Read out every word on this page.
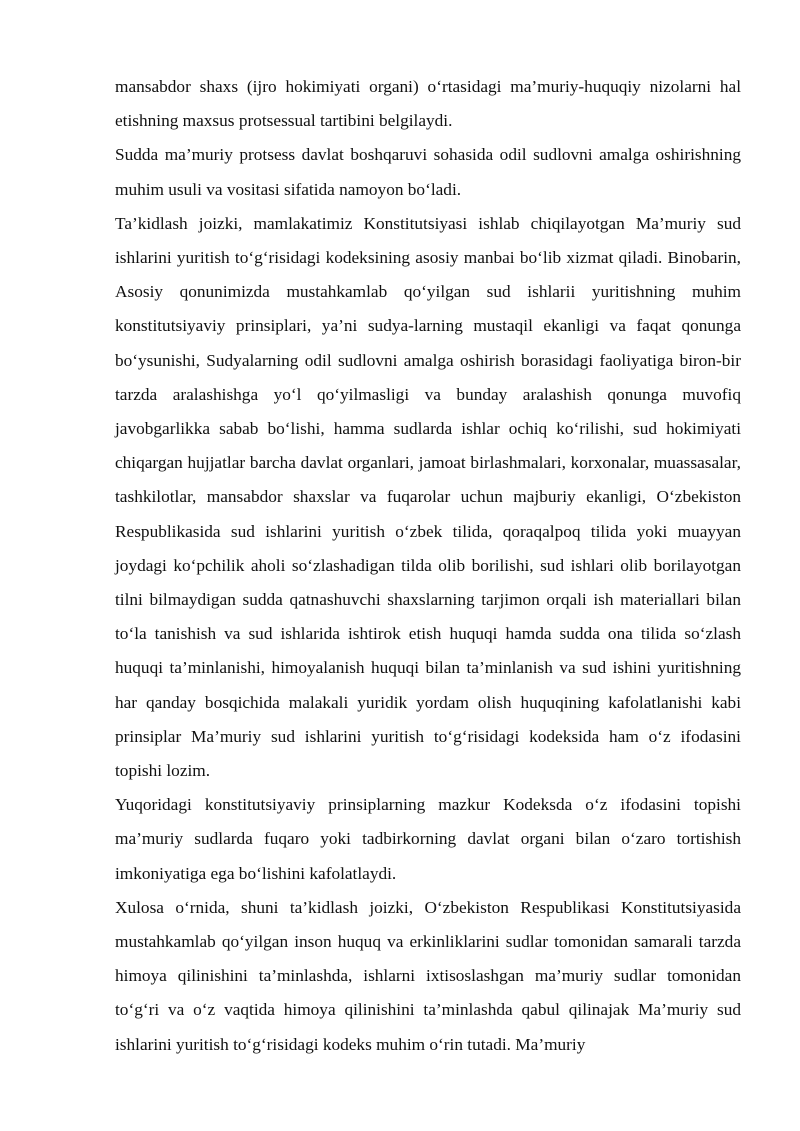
mansabdor shaxs (ijro hokimiyati organi) o‘rtasidagi ma’muriy-huquqiy nizolarni hal etishning maxsus protsessual tartibini belgilaydi.

Sudda ma’muriy protsess davlat boshqaruvi sohasida odil sudlovni amalga oshirishning muhim usuli va vositasi sifatida namoyon bo‘ladi.

Ta’kidlash joizki, mamlakatimiz Konstitutsiyasi ishlab chiqilayotgan Ma’muriy sud ishlarini yuritish to‘g‘risidagi kodeksining asosiy manbai bo‘lib xizmat qiladi. Binobarin, Asosiy qonunimizda mustahkamlab qo‘yilgan sud ishlarii yuritishning muhim konstitutsiyaviy prinsiplari, ya’ni sudya-larning mustaqil ekanligi va faqat qonunga bo‘ysunishi, Sudyalarning odil sudlovni amalga oshirish borasidagi faoliyatiga biron-bir tarzda aralashishga yo‘l qo‘yilmasligi va bunday aralashish qonunga muvofiq javobgarlikka sabab bo‘lishi, hamma sudlarda ishlar ochiq ko‘rilishi, sud hokimiyati chiqargan hujjatlar barcha davlat organlari, jamoat birlashmalari, korxonalar, muassasalar, tashkilotlar, mansabdor shaxslar va fuqarolar uchun majburiy ekanligi, O‘zbekiston Respublikasida sud ishlarini yuritish o‘zbek tilida, qoraqalpoq tilida yoki muayyan joydagi ko‘pchilik aholi so‘zlashadigan tilda olib borilishi, sud ishlari olib borilayotgan tilni bilmaydigan sudda qatnashuvchi shaxslarning tarjimon orqali ish materiallari bilan to‘la tanishish va sud ishlarida ishtirok etish huquqi hamda sudda ona tilida so‘zlash huquqi ta’minlanishi, himoyalanish huquqi bilan ta’minlanish va sud ishini yuritishning har qanday bosqichida malakali yuridik yordam olish huquqining kafolatlanishi kabi prinsiplar Ma’muriy sud ishlarini yuritish to‘g‘risidagi kodeksida ham o‘z ifodasini topishi lozim.

Yuqoridagi konstitutsiyaviy prinsiplarning mazkur Kodeksda o‘z ifodasini topishi ma’muriy sudlarda fuqaro yoki tadbirkorning davlat organi bilan o‘zaro tortishish imkoniyatiga ega bo‘lishini kafolatlaydi.

Xulosa o‘rnida, shuni ta’kidlash joizki, O‘zbekiston Respublikasi Konstitutsiyasida mustahkamlab qo‘yilgan inson huquq va erkinliklarini sudlar tomonidan samarali tarzda himoya qilinishini ta’minlashda, ishlarni ixtisoslashgan ma’muriy sudlar tomonidan to‘g‘ri va o‘z vaqtida himoya qilinishini ta’minlashda qabul qilinajak Ma’muriy sud ishlarini yuritish to‘g‘risidagi kodeks muhim o‘rin tutadi. Ma’muriy
